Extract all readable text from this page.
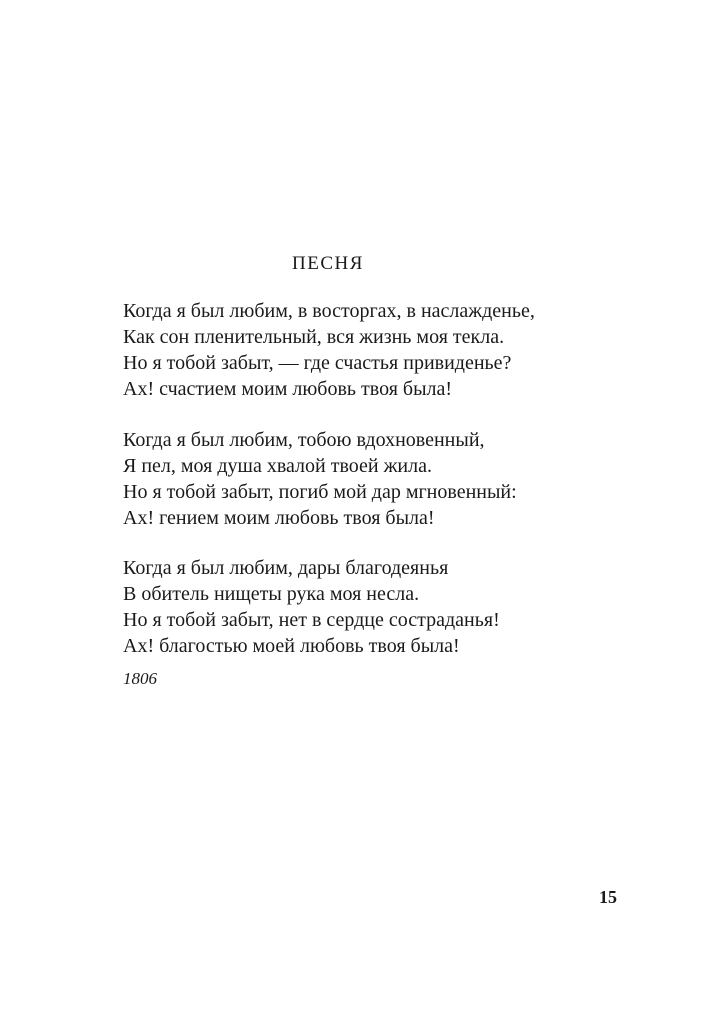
ПЕСНЯ
Когда я был любим, в восторгах, в наслажденье,
Как сон пленительный, вся жизнь моя текла.
Но я тобой забыт, — где счастья привиденье?
Ах! счастием моим любовь твоя была!
Когда я был любим, тобою вдохновенный,
Я пел, моя душа хвалой твоей жила.
Но я тобой забыт, погиб мой дар мгновенный:
Ах! гением моим любовь твоя была!
Когда я был любим, дары благодеянья
В обитель нищеты рука моя несла.
Но я тобой забыт, нет в сердце состраданья!
Ах! благостью моей любовь твоя была!
1806
15
